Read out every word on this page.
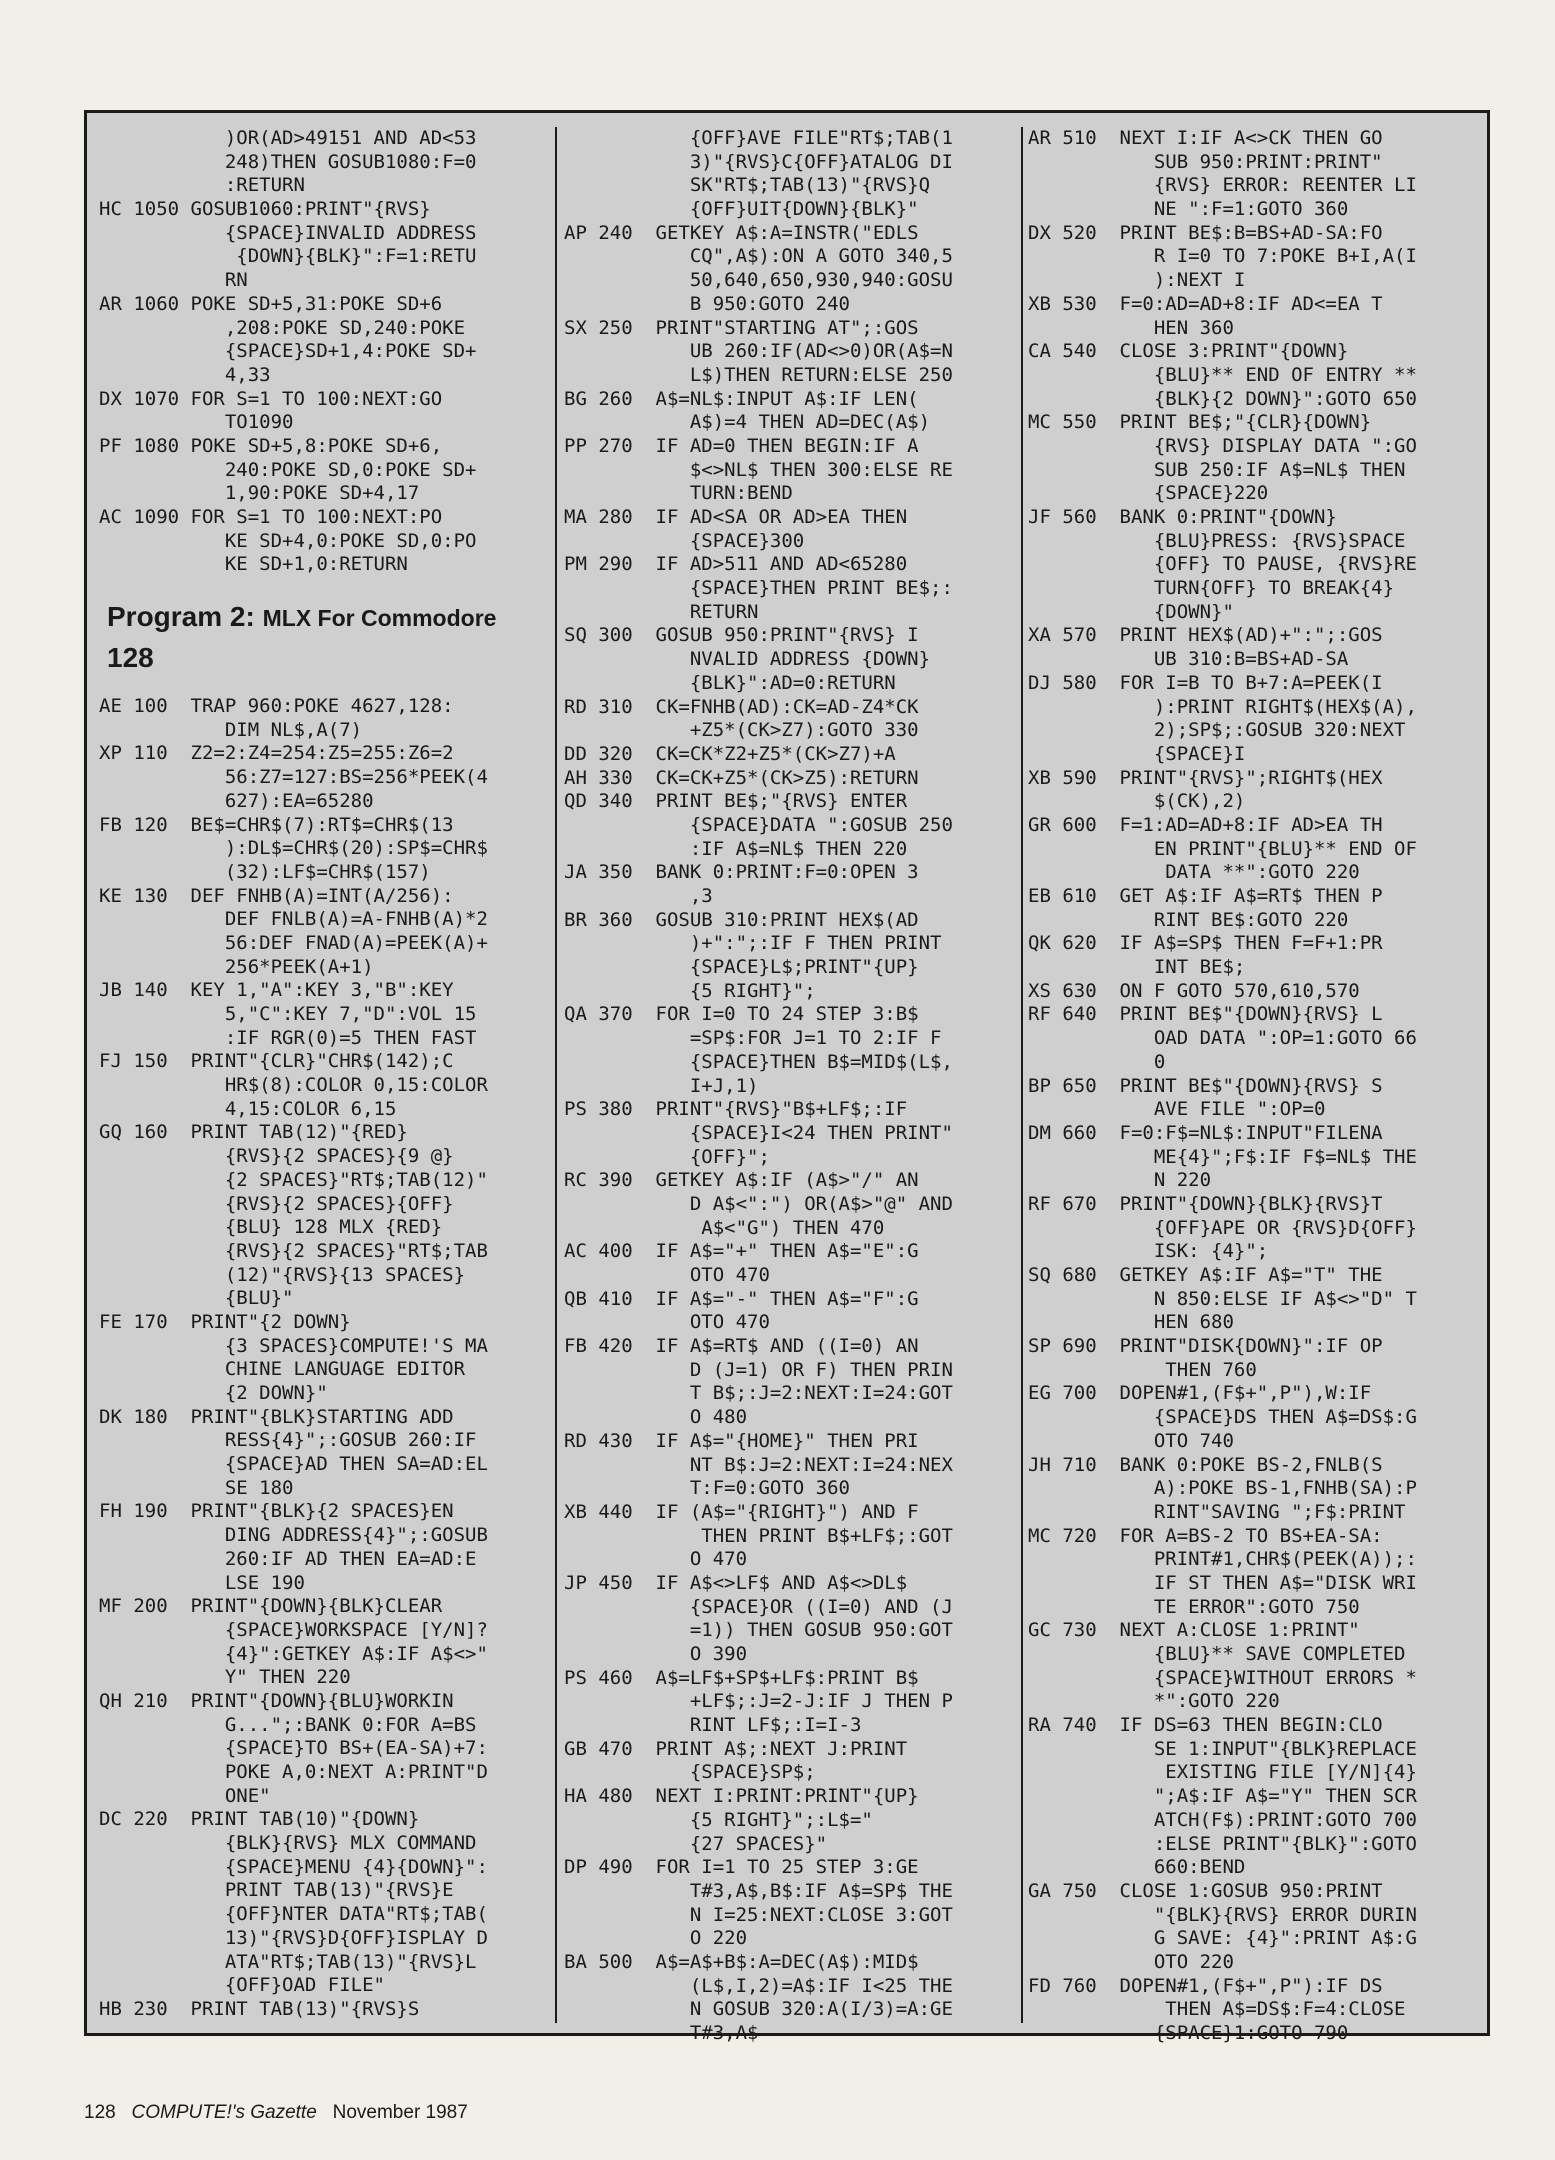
)OR(AD>49151 AND AD<53
248)THEN GOSUB1080:F=0
:RETURN
HC 1050 GOSUB1060:PRINT"{RVS}
{SPACE}INVALID ADDRESS
{DOWN}{BLK}":F=1:RETU
RN
AR 1060 POKE SD+5,31:POKE SD+6
,208:POKE SD,240:POKE
{SPACE}SD+1,4:POKE SD+
4,33
DX 1070 FOR S=1 TO 100:NEXT:GO
TO1090
PF 1080 POKE SD+5,8:POKE SD+6,
240:POKE SD,0:POKE SD+
1,90:POKE SD+4,17
AC 1090 FOR S=1 TO 100:NEXT:PO
KE SD+4,0:POKE SD,0:PO
KE SD+1,0:RETURN
Program 2: MLX For Commodore
128
AE 100  TRAP 960:POKE 4627,128:
DIM NL$,A(7)
XP 110  Z2=2:Z4=254:Z5=255:Z6=2
56:Z7=127:BS=256*PEEK(4
627):EA=65280
FB 120  BE$=CHR$(7):RT$=CHR$(13
):DL$=CHR$(20):SP$=CHR$
(32):LF$=CHR$(157)
KE 130  DEF FNHB(A)=INT(A/256):
DEF FNLB(A)=A-FNHB(A)*2
56:DEF FNAD(A)=PEEK(A)+
256*PEEK(A+1)
JB 140  KEY 1,"A":KEY 3,"B":KEY
5,"C":KEY 7,"D":VOL 15
:IF RGR(0)=5 THEN FAST
FJ 150  PRINT"{CLR}"CHR$(142);C
HR$(8):COLOR 0,15:COLOR
4,15:COLOR 6,15
GQ 160  PRINT TAB(12)"{RED}
{RVS}{2 SPACES}{9 @}
{2 SPACES}"RT$;TAB(12)"
{RVS}{2 SPACES}{OFF}
{BLU} 128 MLX {RED}
{RVS}{2 SPACES}"RT$;TAB
(12)"{RVS}{13 SPACES}
{BLU}"
FE 170  PRINT"{2 DOWN}
{3 SPACES}COMPUTE!'S MA
CHINE LANGUAGE EDITOR
{2 DOWN}"
DK 180  PRINT"{BLK}STARTING ADD
RESS{4}";:GOSUB 260:IF
{SPACE}AD THEN SA=AD:EL
SE 180
FH 190  PRINT"{BLK}{2 SPACES}EN
DING ADDRESS{4}";:GOSUB
260:IF AD THEN EA=AD:E
LSE 190
MF 200  PRINT"{DOWN}{BLK}CLEAR
{SPACE}WORKSPACE [Y/N]?
{4}":GETKEY A$:IF A$<>"
Y" THEN 220
QH 210  PRINT"{DOWN}{BLU}WORKIN
G...";:BANK 0:FOR A=BS
{SPACE}TO BS+(EA-SA)+7:
POKE A,0:NEXT A:PRINT"D
ONE"
DC 220  PRINT TAB(10)"{DOWN}
{BLK}{RVS} MLX COMMAND
{SPACE}MENU {4}{DOWN}":
PRINT TAB(13)"{RVS}E
{OFF}NTER DATA"RT$;TAB(
13)"{RVS}D{OFF}ISPLAY D
ATA"RT$;TAB(13)"{RVS}L
{OFF}OAD FILE"
HB 230  PRINT TAB(13)"{RVS}S
{OFF}AVE FILE"RT$;TAB(1
3)"{RVS}C{OFF}ATALOG DI
SK"RT$;TAB(13)"{RVS}Q
{OFF}UIT{DOWN}{BLK}"
AP 240  GETKEY A$:A=INSTR("EDLS
CQ",A$):ON A GOTO 340,5
50,640,650,930,940:GOSU
B 950:GOTO 240
SX 250  PRINT"STARTING AT";:GOS
UB 260:IF(AD<>0)OR(A$=N
L$)THEN RETURN:ELSE 250
BG 260  A$=NL$:INPUT A$:IF LEN(
A$)=4 THEN AD=DEC(A$)
PP 270  IF AD=0 THEN BEGIN:IF A
$<>NL$ THEN 300:ELSE RE
TURN:BEND
MA 280  IF AD<SA OR AD>EA THEN
{SPACE}300
PM 290  IF AD>511 AND AD<65280
{SPACE}THEN PRINT BE$;:
RETURN
SQ 300  GOSUB 950:PRINT"{RVS} I
NVALID ADDRESS {DOWN}
{BLK}":AD=0:RETURN
RD 310  CK=FNHB(AD):CK=AD-Z4*CK
+Z5*(CK>Z7):GOTO 330
DD 320  CK=CK*Z2+Z5*(CK>Z7)+A
AH 330  CK=CK+Z5*(CK>Z5):RETURN
QD 340  PRINT BE$;"{RVS} ENTER
{SPACE}DATA ":GOSUB 250
:IF A$=NL$ THEN 220
JA 350  BANK 0:PRINT:F=0:OPEN 3
,3
BR 360  GOSUB 310:PRINT HEX$(AD
)+":";:IF F THEN PRINT
{SPACE}L$;PRINT"{UP}
{5 RIGHT}";
QA 370  FOR I=0 TO 24 STEP 3:B$
=SP$:FOR J=1 TO 2:IF F
{SPACE}THEN B$=MID$(L$,
I+J,1)
PS 380  PRINT"{RVS}"B$+LF$;:IF
{SPACE}I<24 THEN PRINT"
{OFF}";
RC 390  GETKEY A$:IF (A$>"/" AN
D A$<":") OR(A$>"@" AND
A$<"G") THEN 470
AC 400  IF A$="+" THEN A$="E":G
OTO 470
QB 410  IF A$="-" THEN A$="F":G
OTO 470
FB 420  IF A$=RT$ AND ((I=0) AN
D (J=1) OR F) THEN PRIN
T B$;:J=2:NEXT:I=24:GOT
O 480
RD 430  IF A$="{HOME}" THEN PRI
NT B$:J=2:NEXT:I=24:NEX
T:F=0:GOTO 360
XB 440  IF (A$="{RIGHT}") AND F
THEN PRINT B$+LF$;:GOT
O 470
JP 450  IF A$<>LF$ AND A$<>DL$
{SPACE}OR ((I=0) AND (J
=1)) THEN GOSUB 950:GOT
O 390
PS 460  A$=LF$+SP$+LF$:PRINT B$
+LF$;:J=2-J:IF J THEN P
RINT LF$;:I=I-3
GB 470  PRINT A$;:NEXT J:PRINT
{SPACE}SP$;
HA 480  NEXT I:PRINT:PRINT"{UP}
{5 RIGHT}";:L$="
{27 SPACES}"
DP 490  FOR I=1 TO 25 STEP 3:GE
T#3,A$,B$:IF A$=SP$ THE
N I=25:NEXT:CLOSE 3:GOT
O 220
BA 500  A$=A$+B$:A=DEC(A$):MID$
(L$,I,2)=A$:IF I<25 THE
N GOSUB 320:A(I/3)=A:GE
T#3,A$
AR 510  NEXT I:IF A<>CK THEN GO
SUB 950:PRINT:PRINT"
{RVS} ERROR: REENTER LI
NE ":F=1:GOTO 360
DX 520  PRINT BE$:B=BS+AD-SA:FO
R I=0 TO 7:POKE B+I,A(I
):NEXT I
XB 530  F=0:AD=AD+8:IF AD<=EA T
HEN 360
CA 540  CLOSE 3:PRINT"{DOWN}
{BLU}** END OF ENTRY **
{BLK}{2 DOWN}":GOTO 650
MC 550  PRINT BE$;"{CLR}{DOWN}
{RVS} DISPLAY DATA ":GO
SUB 250:IF A$=NL$ THEN
{SPACE}220
JF 560  BANK 0:PRINT"{DOWN}
{BLU}PRESS: {RVS}SPACE
{OFF} TO PAUSE, {RVS}RE
TURN{OFF} TO BREAK{4}
{DOWN}"
XA 570  PRINT HEX$(AD)+":";:GOS
UB 310:B=BS+AD-SA
DJ 580  FOR I=B TO B+7:A=PEEK(I
):PRINT RIGHT$(HEX$(A),
2);SP$;:GOSUB 320:NEXT
{SPACE}I
XB 590  PRINT"{RVS}";RIGHT$(HEX
$(CK),2)
GR 600  F=1:AD=AD+8:IF AD>EA TH
EN PRINT"{BLU}** END OF
DATA **":GOTO 220
EB 610  GET A$:IF A$=RT$ THEN P
RINT BE$:GOTO 220
QK 620  IF A$=SP$ THEN F=F+1:PR
INT BE$;
XS 630  ON F GOTO 570,610,570
RF 640  PRINT BE$"{DOWN}{RVS} L
OAD DATA ":OP=1:GOTO 66
0
BP 650  PRINT BE$"{DOWN}{RVS} S
AVE FILE ":OP=0
DM 660  F=0:F$=NL$:INPUT"FILENA
ME{4}";F$:IF F$=NL$ THE
N 220
RF 670  PRINT"{DOWN}{BLK}{RVS}T
{OFF}APE OR {RVS}D{OFF}
ISK: {4}";
SQ 680  GETKEY A$:IF A$="T" THE
N 850:ELSE IF A$<>"D" T
HEN 680
SP 690  PRINT"DISK{DOWN}":IF OP
THEN 760
EG 700  DOPEN#1,(F$+",P"),W:IF
{SPACE}DS THEN A$=DS$:G
OTO 740
JH 710  BANK 0:POKE BS-2,FNLB(S
A):POKE BS-1,FNHB(SA):P
RINT"SAVING ";F$:PRINT
MC 720  FOR A=BS-2 TO BS+EA-SA:
PRINT#1,CHR$(PEEK(A));:
IF ST THEN A$="DISK WRI
TE ERROR":GOTO 750
GC 730  NEXT A:CLOSE 1:PRINT"
{BLU}** SAVE COMPLETED
{SPACE}WITHOUT ERRORS *
*":GOTO 220
RA 740  IF DS=63 THEN BEGIN:CLO
SE 1:INPUT"{BLK}REPLACE
EXISTING FILE [Y/N]{4}
";A$:IF A$="Y" THEN SCR
ATCH(F$):PRINT:GOTO 700
:ELSE PRINT"{BLK}":GOTO
660:BEND
GA 750  CLOSE 1:GOSUB 950:PRINT
"{BLK}{RVS} ERROR DURIN
G SAVE: {4}":PRINT A$:G
OTO 220
FD 760  DOPEN#1,(F$+",P"):IF DS
THEN A$=DS$:F=4:CLOSE
{SPACE}1:GOTO 790
128 COMPUTE!'s Gazette November 1987
